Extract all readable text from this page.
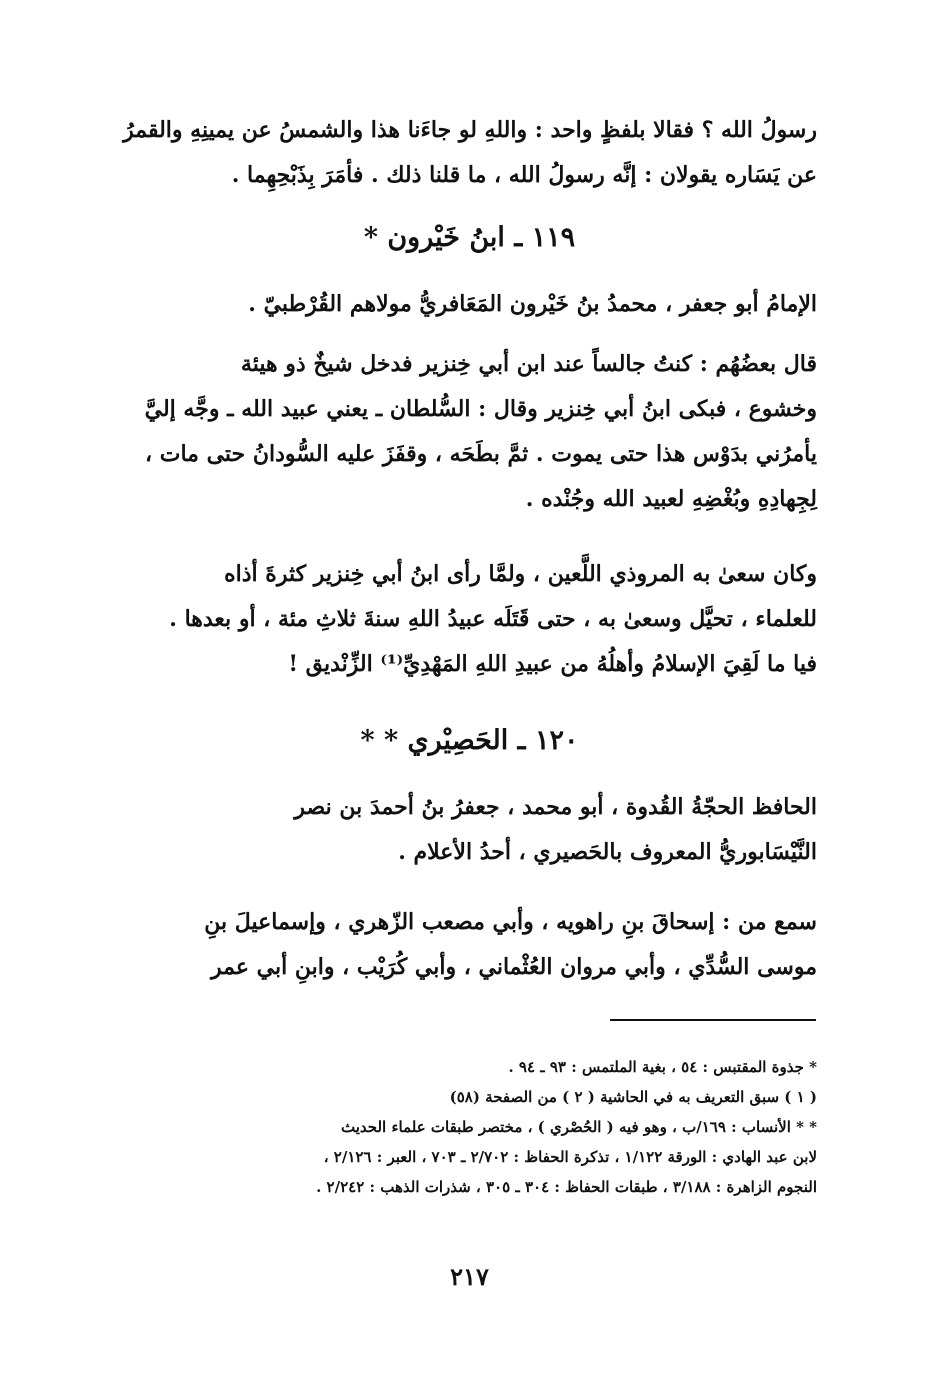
رسولُ الله ؟ فقالا بلفظٍ واحد : واللهِ لو جاءَنا هذا والشمسُ عن يمينِهِ والقمرُ
عن يَسَاره يقولان : إنَّه رسولُ الله ، ما قلنا ذلك . فأمَرَ بِذَبْحِهِما .
١١٩ ـ ابنُ خَيْرون *
الإمامُ أبو جعفر ، محمدُ بنُ خَيْرون المَعَافريُّ مولاهم القُرْطبيّ .
قال بعضُهُم : كنتُ جالساً عند ابن أبي خِنزير فدخل شيخٌ ذو هيئة
وخشوع ، فبكى ابنُ أبي خِنزير وقال : السُّلطان ـ يعني عبيد الله ـ وجَّه إليَّ
يأمرُني بدَوْس هذا حتى يموت . ثمَّ بطَحَه ، وقفَزَ عليه السُّودانُ حتى مات ،
لِجِهادِهِ وبُغْضِهِ لعبيد الله وجُنْده .
وكان سعىٰ به المروذي اللَّعين ، ولمَّا رأى ابنُ أبي خِنزير كثرةَ أذاه
للعلماء ، تحيَّل وسعىٰ به ، حتى قَتَلَه عبيدُ اللهِ سنةَ ثلاثِ مئة ، أو بعدها .
فيا ما لَقِيَ الإسلامُ وأهلُهُ من عبيدِ اللهِ المَهْدِيِّ⁽¹⁾ الزِّنْديق !
١٢٠ ـ الحَصِيْري * *
الحافظ الحجّةُ القُدوة ، أبو محمد ، جعفرُ بنُ أحمدَ بن نصر
النَّيْسَابوريُّ المعروف بالحَصيري ، أحدُ الأعلام .
سمع من : إسحاقَ بنِ راهويه ، وأبي مصعب الزّهري ، وإسماعيلَ بنِ
موسى السُّدِّي ، وأبي مروان العُثْماني ، وأبي كُرَيْب ، وابنِ أبي عمر
* جذوة المقتبس : ٥٤ ، بغية الملتمس : ٩٣ ـ ٩٤ .
( ١ ) سبق التعريف به في الحاشية ( ٢ ) من الصفحة (٥٨)
* * الأنساب : ١٦٩/ب ، وهو فيه ( الحُصْري ) ، مختصر طبقات علماء الحديث
لابن عبد الهادي : الورقة ١/١٢٢ ، تذكرة الحفاظ : ٢/٧٠٢ ـ ٧٠٣ ، العبر : ٢/١٢٦ ،
النجوم الزاهرة : ٣/١٨٨ ، طبقات الحفاظ : ٣٠٤ ـ ٣٠٥ ، شذرات الذهب : ٢/٢٤٢ .
٢١٧
